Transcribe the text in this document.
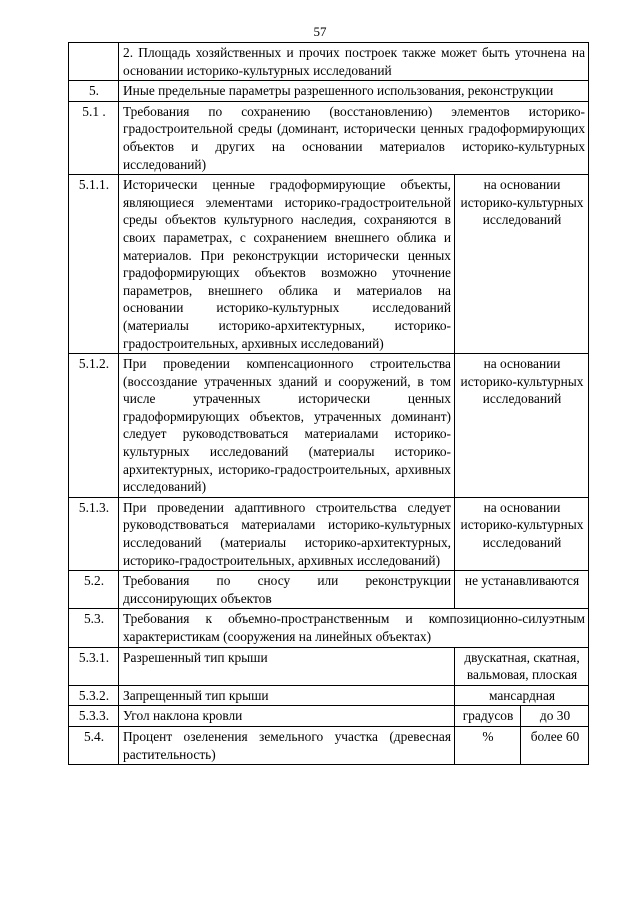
57
	2. Площадь хозяйственных и прочих построек также может быть уточнена на основании историко-культурных исследований		
5.	Иные предельные параметры разрешенного использования, реконструкции		
5.1 .	Требования по сохранению (восстановлению) элементов историко-градостроительной среды (доминант, исторически ценных градоформирующих объектов и других на основании материалов историко-культурных исследований)		
5.1.1.	Исторически ценные градоформирующие объекты, являющиеся элементами историко-градостроительной среды объектов культурного наследия, сохраняются в своих параметрах, с сохранением внешнего облика и материалов. При реконструкции исторически ценных градоформирующих объектов возможно уточнение параметров, внешнего облика и материалов на основании историко-культурных исследований (материалы историко-архитектурных, историко-градостроительных, архивных исследований)	на основании историко-культурных исследований	
5.1.2.	При проведении компенсационного строительства (воссоздание утраченных зданий и сооружений, в том числе утраченных исторически ценных градоформирующих объектов, утраченных доминант) следует руководствоваться материалами историко-культурных исследований (материалы историко-архитектурных, историко-градостроительных, архивных исследований)	на основании историко-культурных исследований	
5.1.3.	При проведении адаптивного строительства следует руководствоваться материалами историко-культурных исследований (материалы историко-архитектурных, историко-градостроительных, архивных исследований)	на основании историко-культурных исследований	
5.2.	Требования по сносу или реконструкции диссонирующих объектов	не устанавливаются	
5.3.	Требования к объемно-пространственным и композиционно-силуэтным характеристикам (сооружения на линейных объектах)		
5.3.1.	Разрешенный тип крыши	двускатная, скатная, вальмовая, плоская	
5.3.2.	Запрещенный тип крыши	мансардная	
5.3.3.	Угол наклона кровли	градусов	до 30
5.4.	Процент озеленения земельного участка (древесная растительность)	%	более 60
